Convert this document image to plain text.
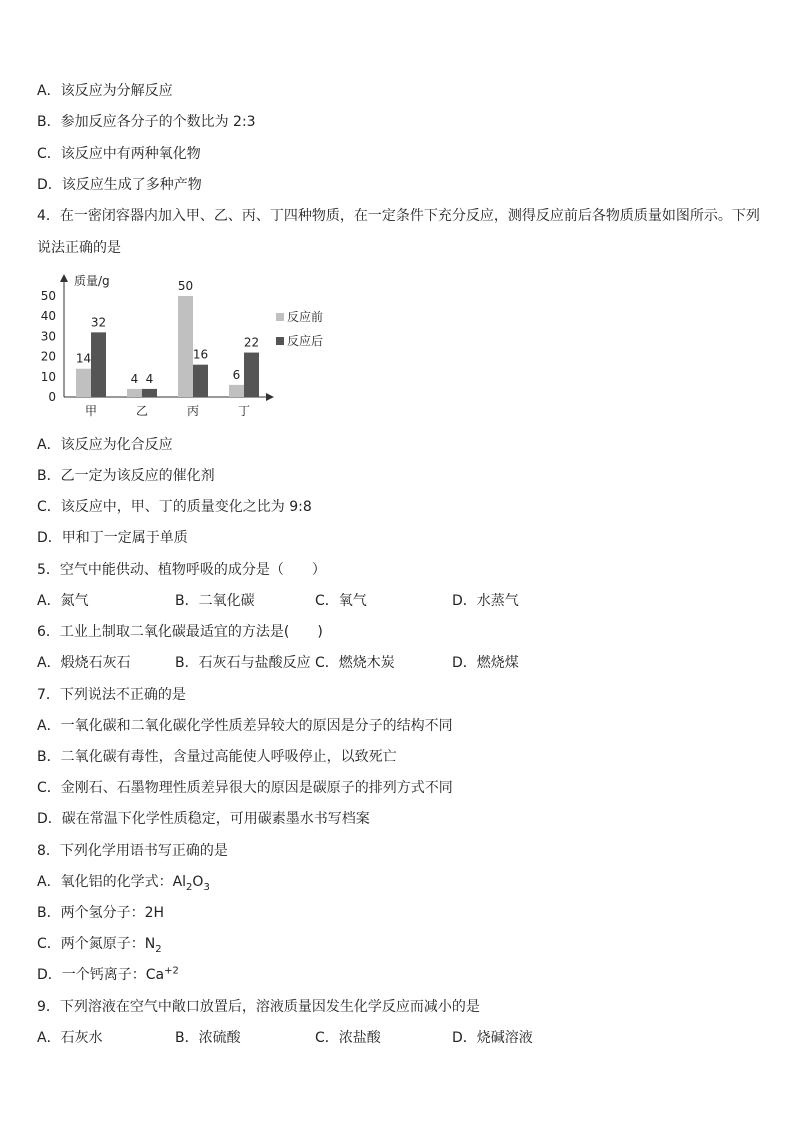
A．该反应为分解反应
B．参加反应各分子的个数比为 2:3
C．该反应中有两种氧化物
D．该反应生成了多种产物
4．在一密闭容器内加入甲、乙、丙、丁四种物质，在一定条件下充分反应，测得反应前后各物质质量如图所示。下列
说法正确的是
质量/g
0
10
20
30
40
50
14
32
4 4
50
16
6
22
甲	乙	丙	丁
反应前
反应后
A．该反应为化合反应
B．乙一定为该反应的催化剂
C．该反应中，甲、丁的质量变化之比为 9:8
D．甲和丁一定属于单质
5．空气中能供动、植物呼吸的成分是（　　）
A．氮气	B．二氧化碳	C．氧气	D．水蒸气
6．工业上制取二氧化碳最适宜的方法是(　　)
A．煅烧石灰石	B．石灰石与盐酸反应 C．燃烧木炭	D．燃烧煤
7．下列说法不正确的是
A．一氧化碳和二氧化碳化学性质差异较大的原因是分子的结构不同
B．二氧化碳有毒性，含量过高能使人呼吸停止，以致死亡
C．金刚石、石墨物理性质差异很大的原因是碳原子的排列方式不同
D．碳在常温下化学性质稳定，可用碳素墨水书写档案
8．下列化学用语书写正确的是
A．氧化铝的化学式：$Al_2O_3$
B．两个氢分子：2H
C．两个氮原子：$N_2$
D．一个钙离子：$Ca^{+2}$
9．下列溶液在空气中敞口放置后，溶液质量因发生化学反应而减小的是
A．石灰水	B．浓硫酸	C．浓盐酸	D．烧碱溶液
